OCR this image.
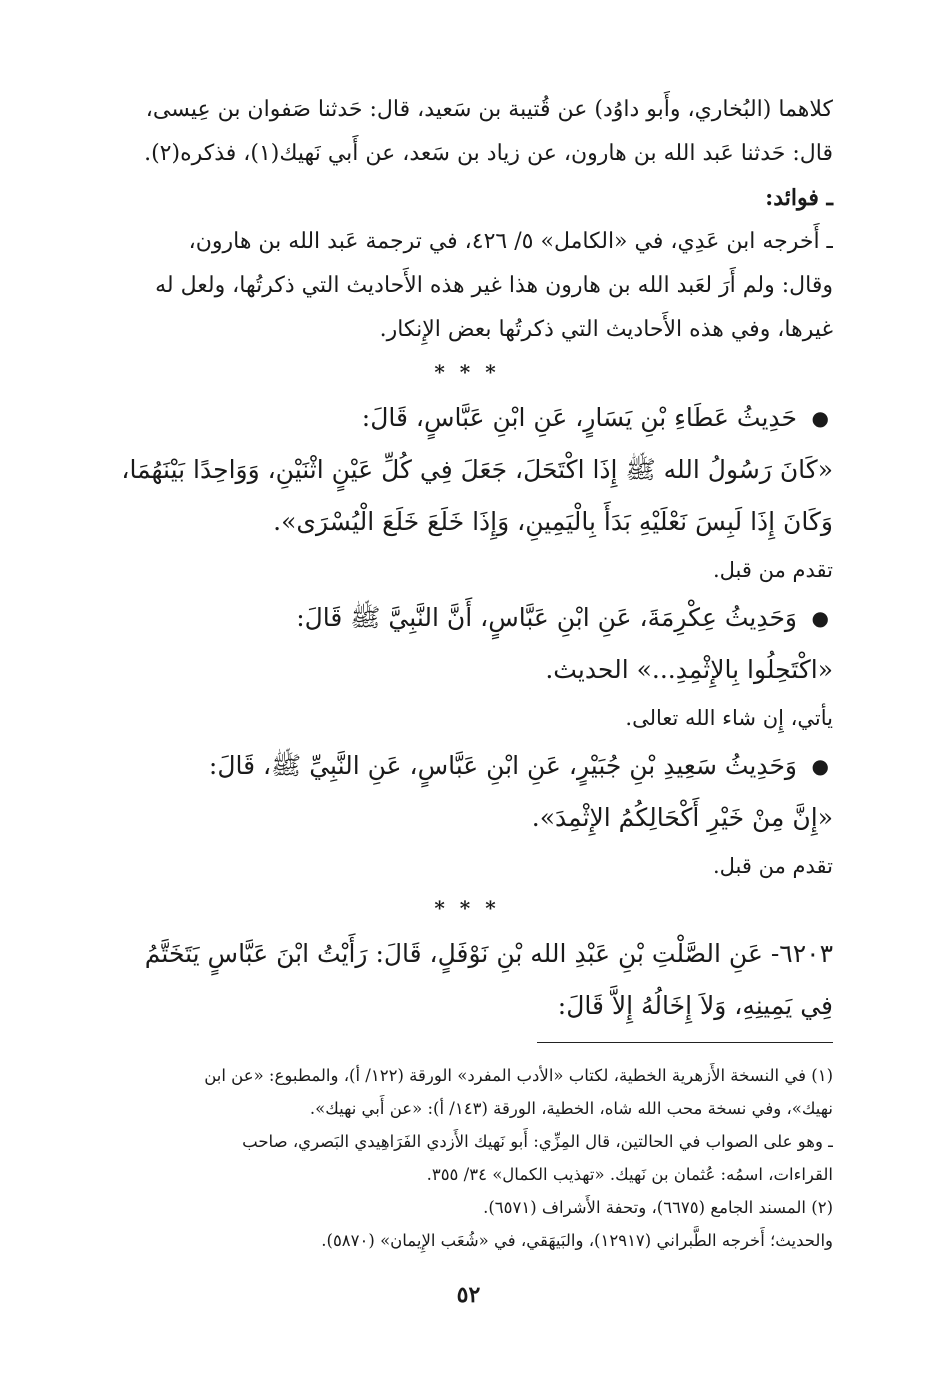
كلاهما (البُخاري، وأَبو داوُد) عن قُتيبة بن سَعيد، قال: حَدثنا صَفوان بن عِيسى،
قال: حَدثنا عَبد الله بن هارون، عن زياد بن سَعد، عن أَبي نَهيك(١)، فذكره(٢).

ـ فوائد:

ـ أَخرجه ابن عَدِي، في «الكامل» ٥/ ٤٢٦، في ترجمة عَبد الله بن هارون،
وقال: ولم أَرَ لعَبد الله بن هارون هذا غير هذه الأَحاديث التي ذكرتُها، ولعل له
غيرها، وفي هذه الأَحاديث التي ذكرتُها بعض الإِنكار.

* * *

●
حَدِيثُ عَطَاءِ بْنِ يَسَارٍ، عَنِ ابْنِ عَبَّاسٍ، قَالَ:
«كَانَ رَسُولُ الله ﷺ إِذَا اكْتَحَلَ، جَعَلَ فِي كُلِّ عَيْنٍ اثْنَيْنِ، وَوَاحِدًا بَيْنَهُمَا،
وَكَانَ إِذَا لَبِسَ نَعْلَيْهِ بَدَأَ بِالْيَمِينِ، وَإِذَا خَلَعَ خَلَعَ الْيُسْرَى».

تقدم من قبل.

●
وَحَدِيثُ عِكْرِمَةَ، عَنِ ابْنِ عَبَّاسٍ، أَنَّ النَّبِيَّ ﷺ قَالَ:
«اكْتَحِلُوا بِالإِثْمِدِ...» الحديث.

يأتي، إِن شاء الله تعالى.

●
وَحَدِيثُ سَعِيدِ بْنِ جُبَيْرٍ، عَنِ ابْنِ عَبَّاسٍ، عَنِ النَّبِيِّ ﷺ، قَالَ:
«إِنَّ مِنْ خَيْرِ أَكْحَالِكُمُ الإِثْمِدَ».

تقدم من قبل.

* * *

٦٢٠٣- عَنِ الصَّلْتِ بْنِ عَبْدِ الله بْنِ نَوْفَلٍ، قَالَ: رَأَيْتُ ابْنَ عَبَّاسٍ يَتَخَتَّمُ
فِي يَمِينِهِ، وَلاَ إِخَالُهُ إِلاَّ قَالَ:
(١) في النسخة الأَزهرية الخطية، لكتاب «الأدب المفرد» الورقة (١٢٢/ أ)، والمطبوع: «عن ابن
نهيك»، وفي نسخة محب الله شاه، الخطية، الورقة (١٤٣/ أ): «عن أَبي نهيك».
ـ وهو على الصواب في الحالتين، قال المِزِّي: أَبو نَهيك الأَزدي الفَرَاهِيدي البَصري، صاحب
القراءات، اسمُه: عُثمان بن نَهيك. «تهذيب الكمال» ٣٤/ ٣٥٥.
(٢) المسند الجامع (٦٦٧٥)، وتحفة الأَشراف (٦٥٧١).
والحديث؛ أَخرجه الطَّبراني (١٢٩١٧)، والبَيهَقي، في «شُعَب الإِيمان» (٥٨٧٠).
٥٢
